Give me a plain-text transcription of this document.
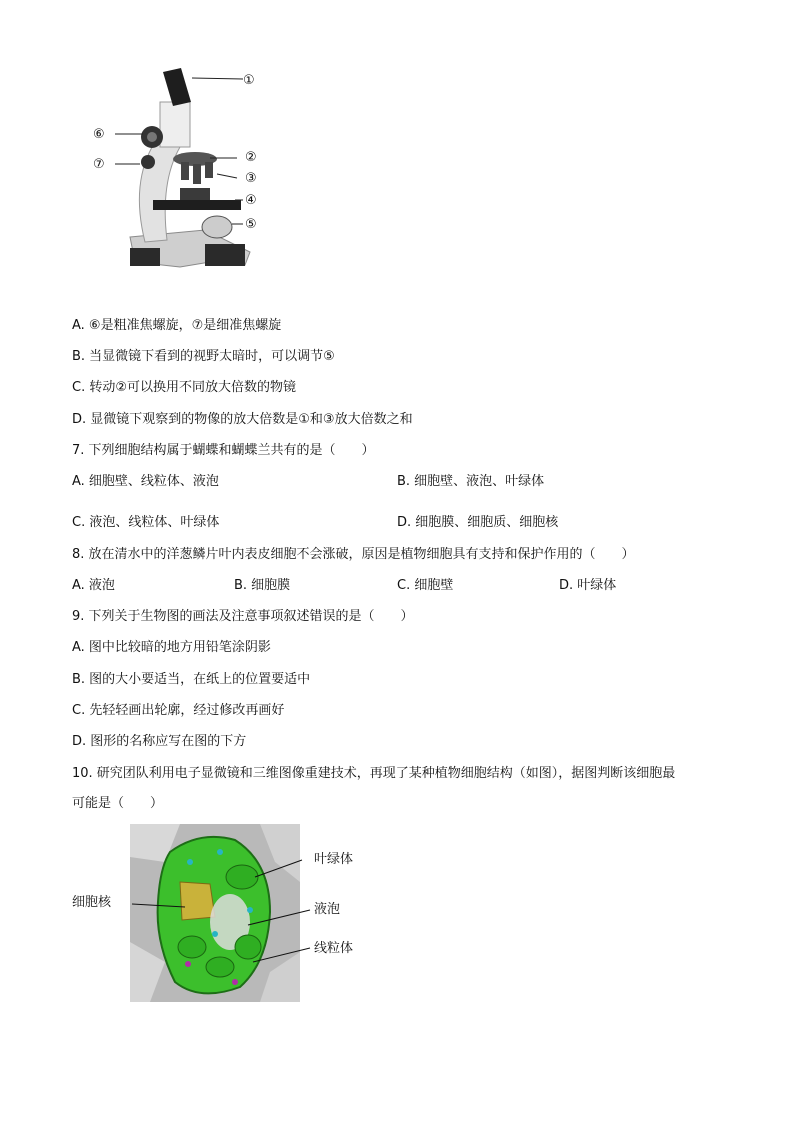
①
⑥
⑦	②
③
④
⑤
A. ⑥是粗准焦螺旋，⑦是细准焦螺旋
B. 当显微镜下看到的视野太暗时，可以调节⑤
C. 转动②可以换用不同放大倍数的物镜
D. 显微镜下观察到的物像的放大倍数是①和③放大倍数之和
7. 下列细胞结构属于蝴蝶和蝴蝶兰共有的是（　　）
A. 细胞壁、线粒体、液泡	B. 细胞壁、液泡、叶绿体
C. 液泡、线粒体、叶绿体	D. 细胞膜、细胞质、细胞核
8. 放在清水中的洋葱鳞片叶内表皮细胞不会涨破，原因是植物细胞具有支持和保护作用的（　　）
A. 液泡	B. 细胞膜	C. 细胞壁	D. 叶绿体
9. 下列关于生物图的画法及注意事项叙述错误的是（　　）
A. 图中比较暗的地方用铅笔涂阴影
B. 图的大小要适当，在纸上的位置要适中
C. 先轻轻画出轮廓，经过修改再画好
D. 图形的名称应写在图的下方
10. 研究团队利用电子显微镜和三维图像重建技术，再现了某种植物细胞结构（如图），据图判断该细胞最
可能是（　　）
叶绿体
细胞核	液泡
线粒体
